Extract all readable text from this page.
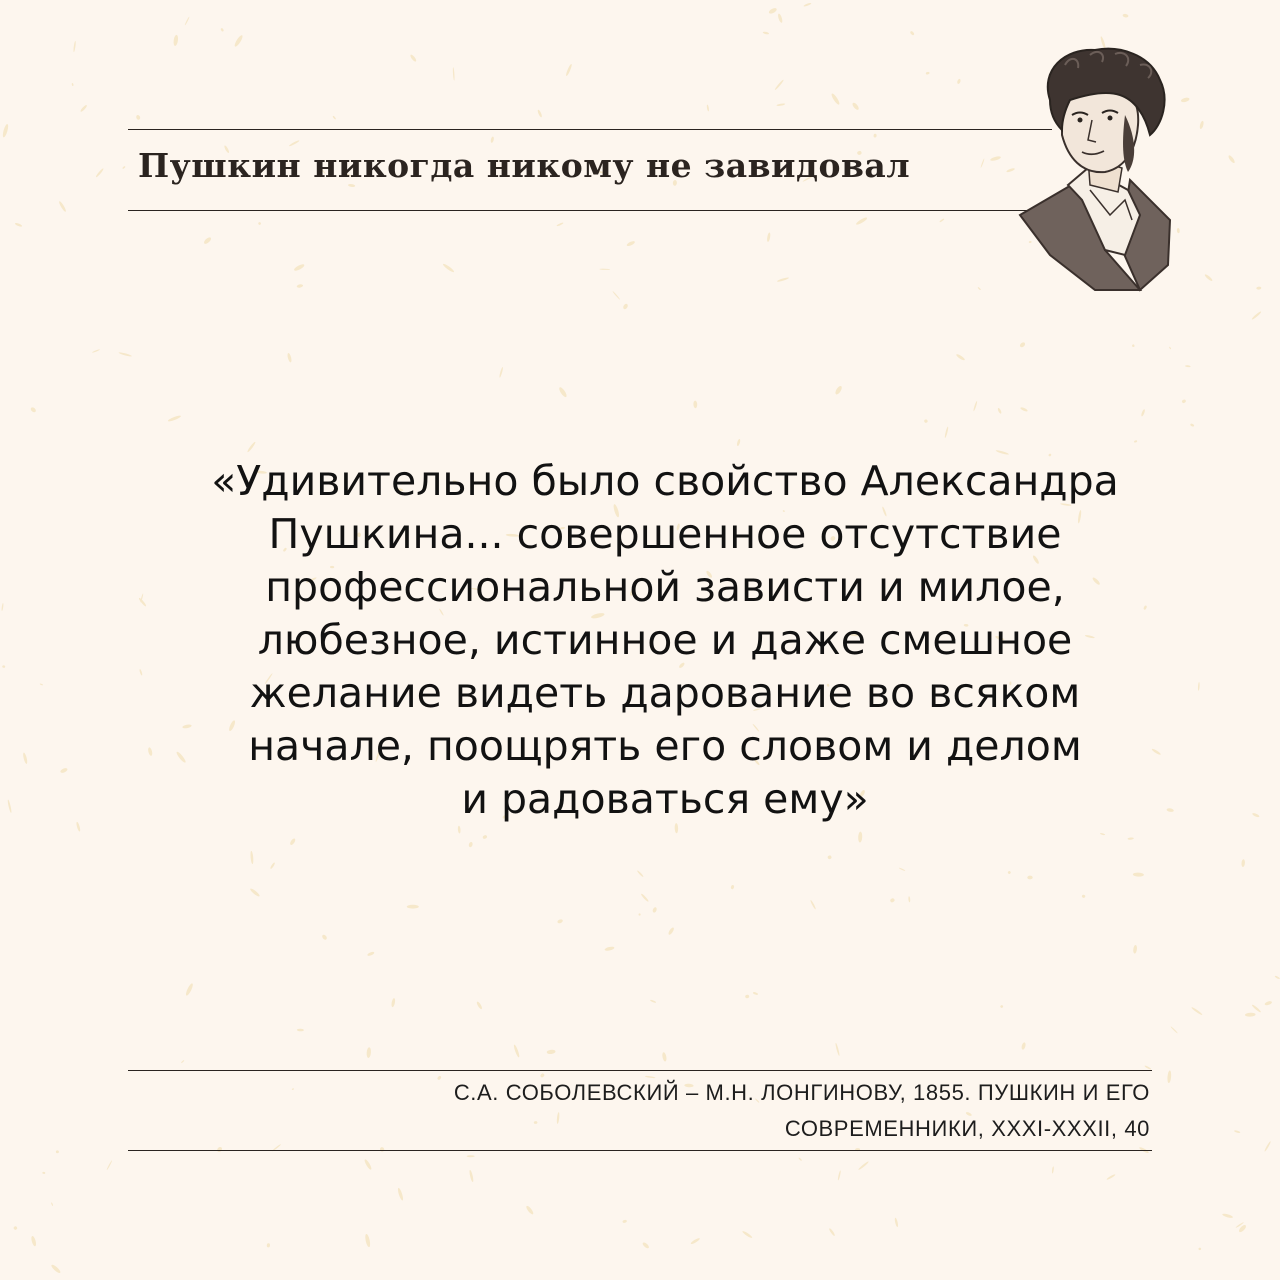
Пушкин никогда никому не завидовал
«Удивительно было свойство Александра
Пушкина... совершенное отсутствие
профессиональной зависти и милое,
любезное, истинное и даже смешное
желание видеть дарование во всяком
начале, поощрять его словом и делом
и радоваться ему»
С.А. СОБОЛЕВСКИЙ – М.Н. ЛОНГИНОВУ, 1855. ПУШКИН И ЕГО
СОВРЕМЕННИКИ, XXXI-XXXII, 40
